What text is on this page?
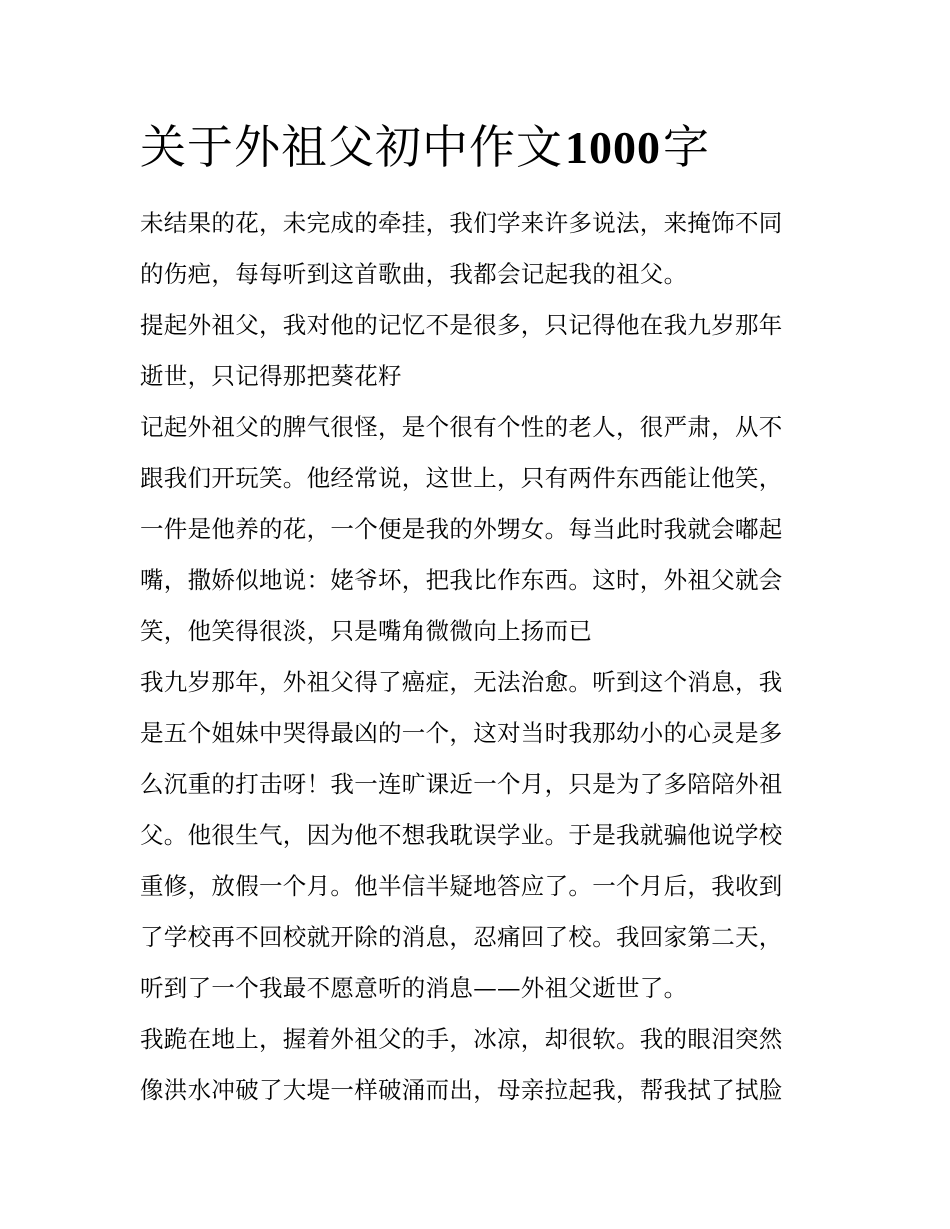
关于外祖父初中作文1000字

未结果的花，未完成的牵挂，我们学来许多说法，来掩饰不同
的伤疤，每每听到这首歌曲，我都会记起我的祖父。

提起外祖父，我对他的记忆不是很多，只记得他在我九岁那年
逝世，只记得那把葵花籽

记起外祖父的脾气很怪，是个很有个性的老人，很严肃，从不
跟我们开玩笑。他经常说，这世上，只有两件东西能让他笑，
一件是他养的花，一个便是我的外甥女。每当此时我就会嘟起
嘴，撒娇似地说：姥爷坏，把我比作东西。这时，外祖父就会
笑，他笑得很淡，只是嘴角微微向上扬而已

我九岁那年，外祖父得了癌症，无法治愈。听到这个消息，我
是五个姐妹中哭得最凶的一个，这对当时我那幼小的心灵是多
么沉重的打击呀！我一连旷课近一个月，只是为了多陪陪外祖
父。他很生气，因为他不想我耽误学业。于是我就骗他说学校
重修，放假一个月。他半信半疑地答应了。一个月后，我收到
了学校再不回校就开除的消息，忍痛回了校。我回家第二天，
听到了一个我最不愿意听的消息——外祖父逝世了。

我跪在地上，握着外祖父的手，冰凉，却很软。我的眼泪突然
像洪水冲破了大堤一样破涌而出，母亲拉起我，帮我拭了拭脸
